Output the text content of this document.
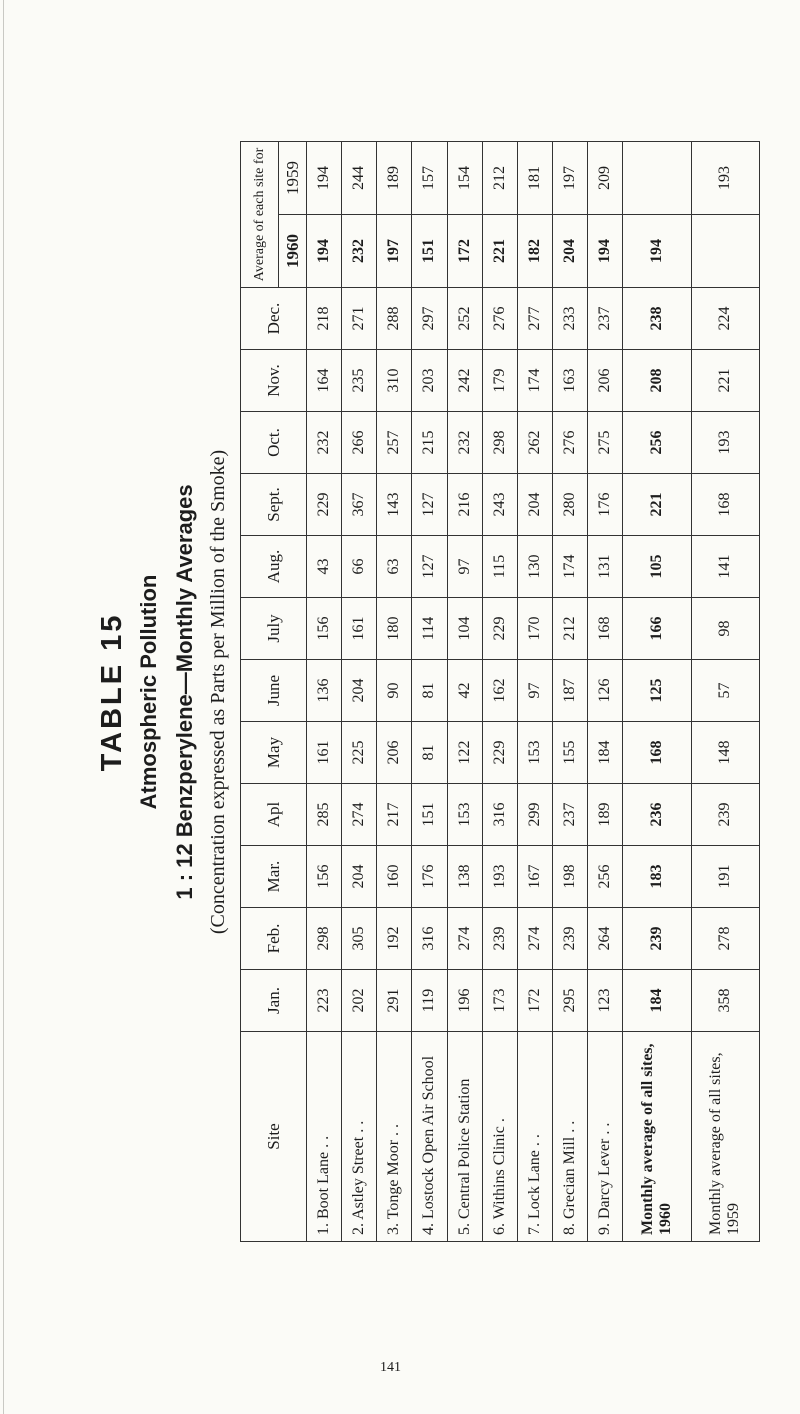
TABLE 15 Atmospheric Pollution 1 : 12 Benzperylene—Monthly Averages (Concentration expressed as Parts per Million of the Smoke)
Site	Jan.	Feb.	Mar.	Apl	May	June	July	Aug.	Sept.	Oct.	Nov.	Dec.	Average of each site for	
													1960	1959
1. Boot Lane . .	223	298	156	285	161	136	156	43	229	232	164	218	194	194
2. Astley Street . .	202	305	204	274	225	204	161	66	367	266	235	271	232	244
3. Tonge Moor . .	291	192	160	217	206	90	180	63	143	257	310	288	197	189
4. Lostock Open Air School	119	316	176	151	81	81	114	127	127	215	203	297	151	157
5. Central Police Station	196	274	138	153	122	42	104	97	216	232	242	252	172	154
6. Withins Clinic .	173	239	193	316	229	162	229	115	243	298	179	276	221	212
7. Lock Lane . .	172	274	167	299	153	97	170	130	204	262	174	277	182	181
8. Grecian Mill . .	295	239	198	237	155	187	212	174	280	276	163	233	204	197
9. Darcy Lever . .	123	264	256	189	184	126	168	131	176	275	206	237	194	209
Monthly average of all sites, 1960	184	239	183	236	168	125	166	105	221	256	208	238	194	
Monthly average of all sites, 1959	358	278	191	239	148	57	98	141	168	193	221	224		193
141
